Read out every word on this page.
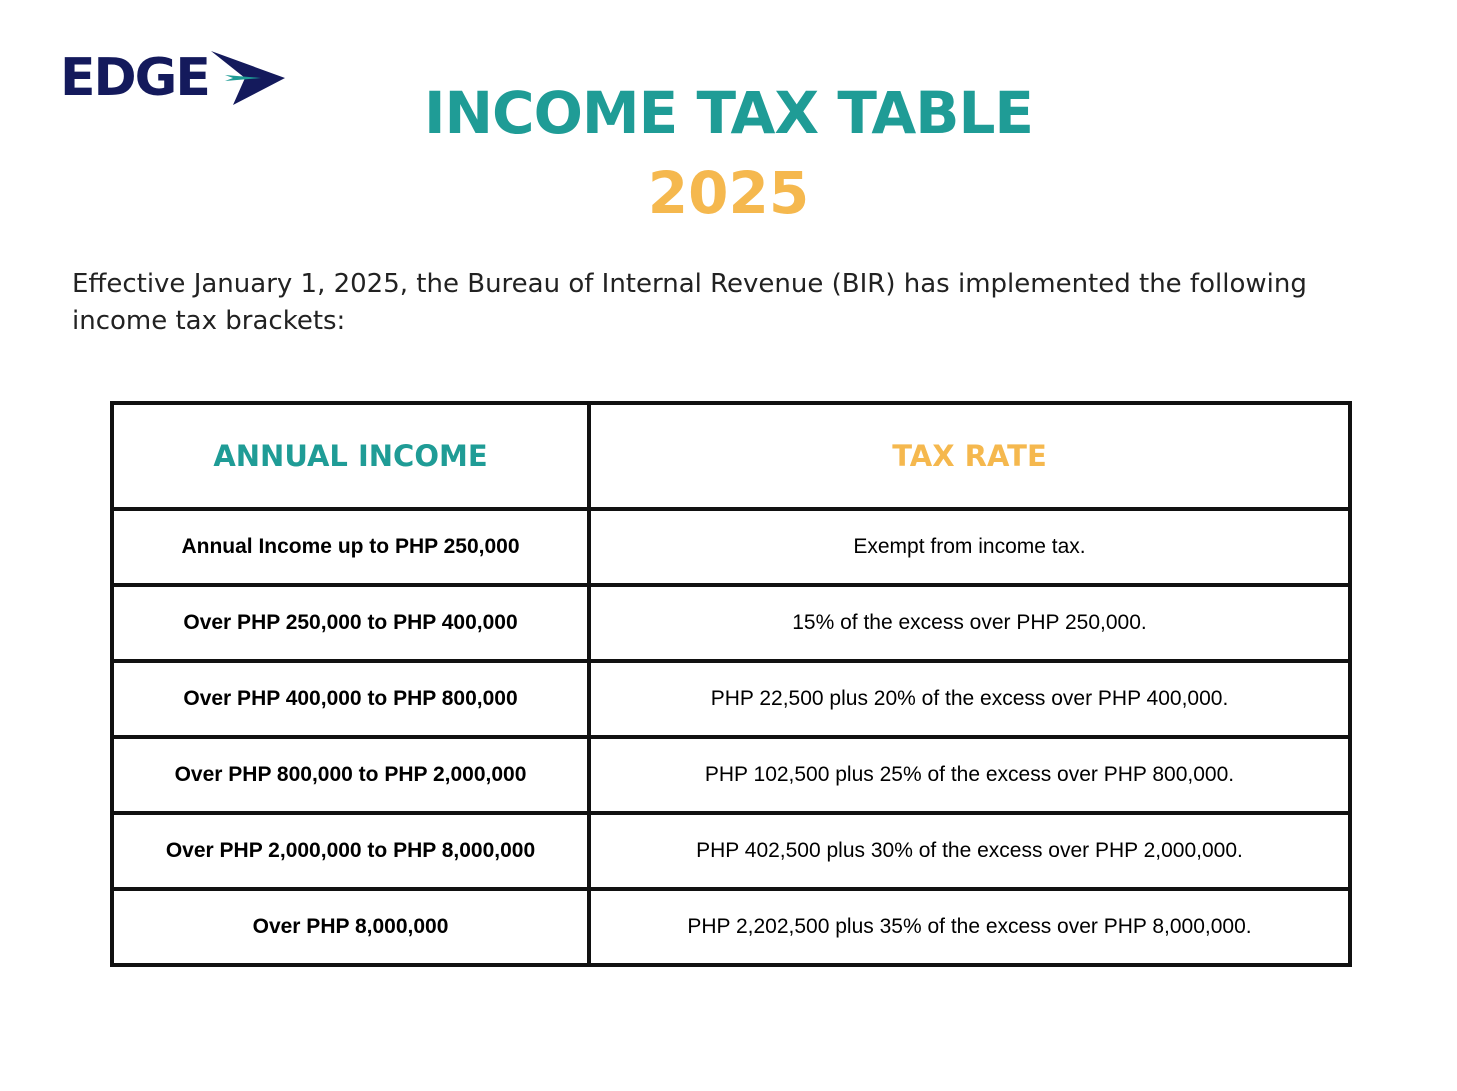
EDGE
INCOME TAX TABLE
2025

Effective January 1, 2025, the Bureau of Internal Revenue (BIR) has implemented the following income tax brackets:

ANNUAL INCOME	TAX RATE
Annual Income up to PHP 250,000	Exempt from income tax.
Over PHP 250,000 to PHP 400,000	15% of the excess over PHP 250,000.
Over PHP 400,000 to PHP 800,000	PHP 22,500 plus 20% of the excess over PHP 400,000.
Over PHP 800,000 to PHP 2,000,000	PHP 102,500 plus 25% of the excess over PHP 800,000.
Over PHP 2,000,000 to PHP 8,000,000	PHP 402,500 plus 30% of the excess over PHP 2,000,000.
Over PHP 8,000,000	PHP 2,202,500 plus 35% of the excess over PHP 8,000,000.
